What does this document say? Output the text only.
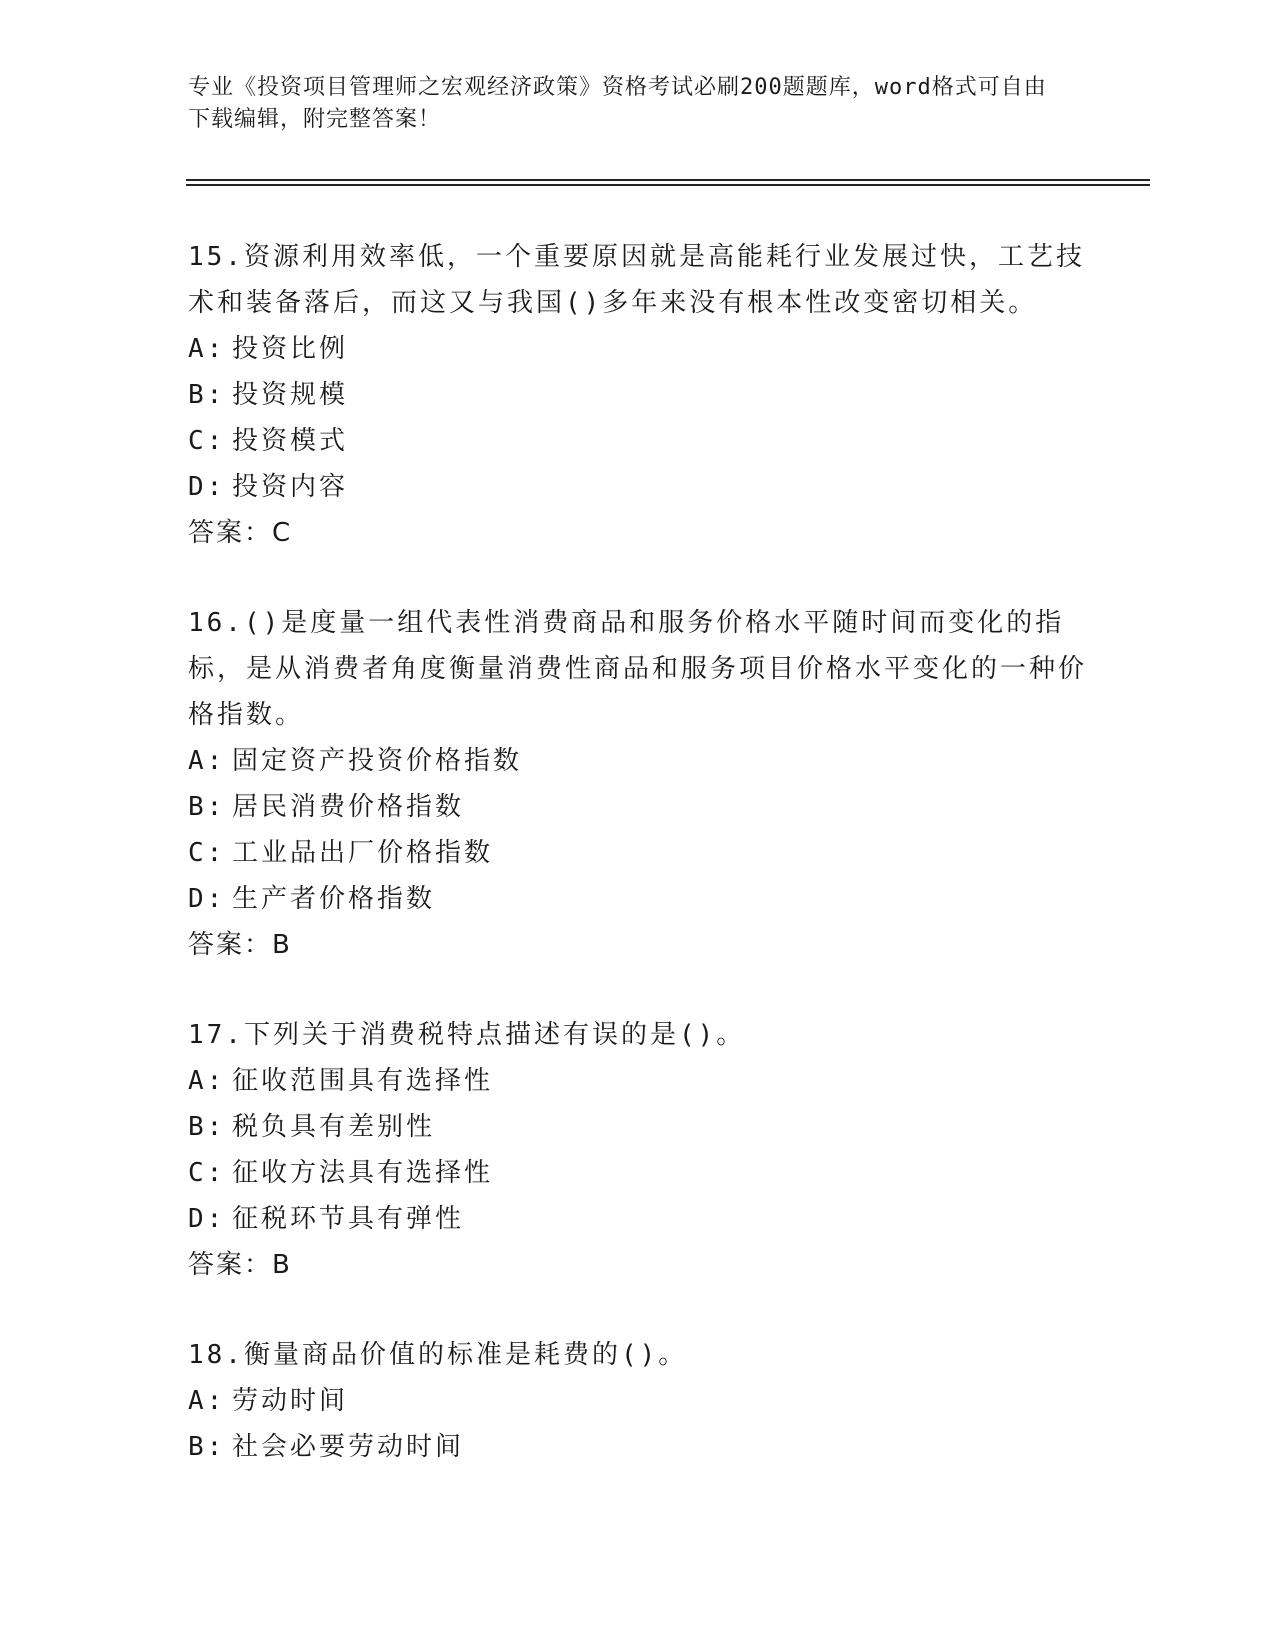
专业《投资项目管理师之宏观经济政策》资格考试必刷200题题库，word格式可自由下载编辑，附完整答案！

15.资源利用效率低，一个重要原因就是高能耗行业发展过快，工艺技术和装备落后，而这又与我国()多年来没有根本性改变密切相关。

A: 投资比例

B: 投资规模

C: 投资模式

D: 投资内容

答案：C

16.()是度量一组代表性消费商品和服务价格水平随时间而变化的指标，是从消费者角度衡量消费性商品和服务项目价格水平变化的一种价格指数。

A: 固定资产投资价格指数

B: 居民消费价格指数

C: 工业品出厂价格指数

D: 生产者价格指数

答案：B

17.下列关于消费税特点描述有误的是()。

A: 征收范围具有选择性

B: 税负具有差别性

C: 征收方法具有选择性

D: 征税环节具有弹性

答案：B

18.衡量商品价值的标准是耗费的()。

A: 劳动时间

B: 社会必要劳动时间
